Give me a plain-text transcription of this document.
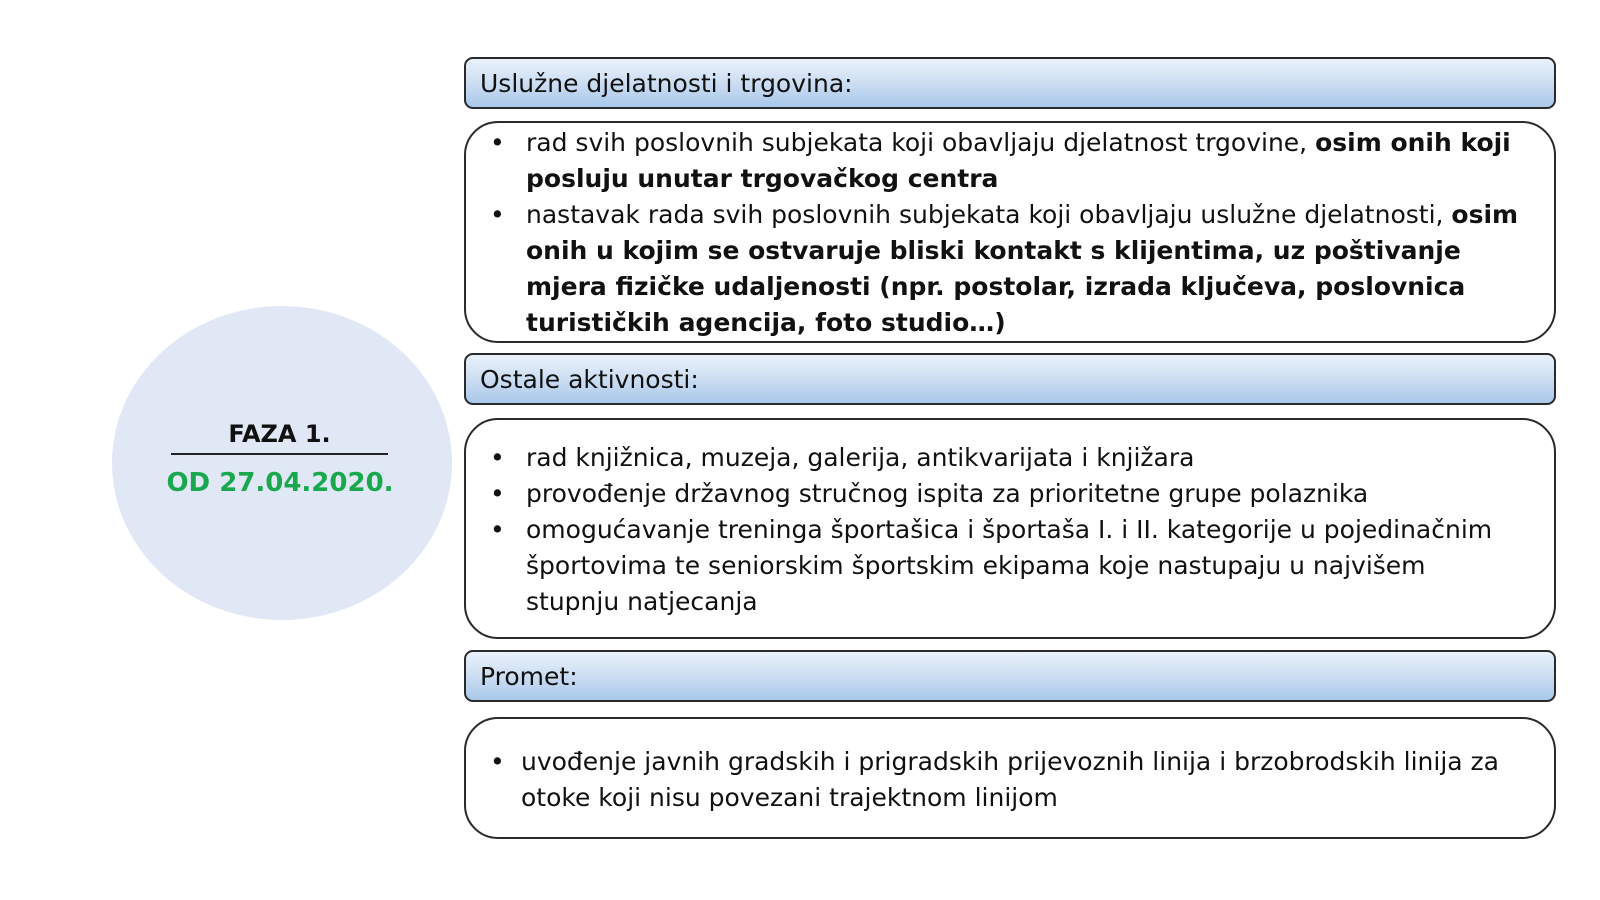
FAZA 1.
OD 27.04.2020.
Uslužne djelatnosti i trgovina:
• rad svih poslovnih subjekata koji obavljaju djelatnost trgovine, osim onih koji posluju unutar trgovačkog centra
• nastavak rada svih poslovnih subjekata koji obavljaju uslužne djelatnosti, osim onih u kojim se ostvaruje bliski kontakt s klijentima, uz poštivanje mjera fizičke udaljenosti (npr. postolar, izrada ključeva, poslovnica turističkih agencija, foto studio…)
Ostale aktivnosti:
• rad knjižnica, muzeja, galerija, antikvarijata i knjižara
• provođenje državnog stručnog ispita za prioritetne grupe polaznika
• omogućavanje treninga športašica i športaša I. i II. kategorije u pojedinačnim športovima te seniorskim športskim ekipama koje nastupaju u najvišem stupnju natjecanja
Promet:
• uvođenje javnih gradskih i prigradskih prijevoznih linija i brzobrodskih linija za otoke koji nisu povezani trajektnom linijom
